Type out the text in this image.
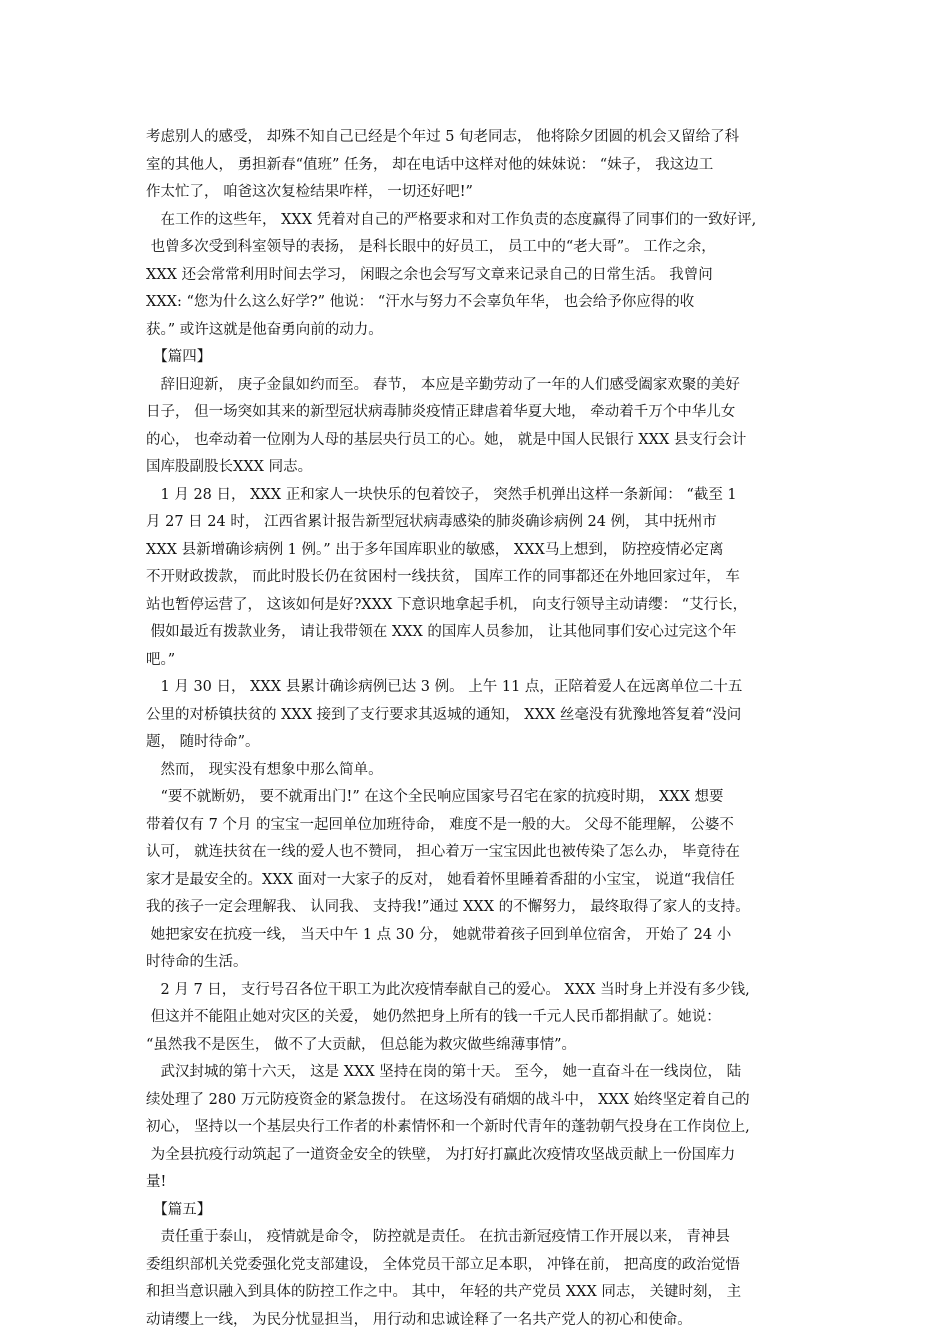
考虑别人的感受， 却殊不知自己已经是个年过 5 旬老同志， 他将除夕团圆的机会又留给了科
室的其他人， 勇担新春“值班” 任务， 却在电话中这样对他的妹妹说： “妹子， 我这边工
作太忙了， 咱爸这次复检结果咋样， 一切还好吧!”
　在工作的这些年， XXX 凭着对自己的严格要求和对工作负责的态度赢得了同事们的一致好评,
也曾多次受到科室领导的表扬， 是科长眼中的好员工， 员工中的“老大哥”。 工作之余，
XXX 还会常常利用时间去学习， 闲暇之余也会写写文章来记录自己的日常生活。 我曾问
XXX: “您为什么这么好学?” 他说： “汗水与努力不会辜负年华， 也会给予你应得的收
获。” 或许这就是他奋勇向前的动力。
　【篇四】
　辞旧迎新， 庚子金鼠如约而至。 春节， 本应是辛勤劳动了一年的人们感受阖家欢聚的美好
日子， 但一场突如其来的新型冠状病毒肺炎疫情正肆虐着华夏大地， 牵动着千万个中华儿女
的心， 也牵动着一位刚为人母的基层央行员工的心。她， 就是中国人民银行 XXX 县支行会计
国库股副股长XXX 同志。
　1 月 28 日， XXX 正和家人一块快乐的包着饺子， 突然手机弹出这样一条新闻： “截至 1
月 27 日 24 时， 江西省累计报告新型冠状病毒感染的肺炎确诊病例 24 例， 其中抚州市
XXX 县新增确诊病例 1 例。” 出于多年国库职业的敏感， XXX马上想到， 防控疫情必定离
不开财政拨款， 而此时股长仍在贫困村一线扶贫， 国库工作的同事都还在外地回家过年， 车
站也暂停运营了， 这该如何是好?XXX 下意识地拿起手机， 向支行领导主动请缨： “艾行长，
假如最近有拨款业务， 请让我带领在 XXX 的国库人员参加， 让其他同事们安心过完这个年
吧。”
　1 月 30 日， XXX 县累计确诊病例已达 3 例。 上午 11 点，正陪着爱人在远离单位二十五
公里的对桥镇扶贫的 XXX 接到了支行要求其返城的通知， XXX 丝毫没有犹豫地答复着“没问
题， 随时待命”。
　然而， 现实没有想象中那么简单。
　“要不就断奶， 要不就甭出门!” 在这个全民响应国家号召宅在家的抗疫时期， XXX 想要
带着仅有 7 个月 的宝宝一起回单位加班待命， 难度不是一般的大。 父母不能理解， 公婆不
认可， 就连扶贫在一线的爱人也不赞同， 担心着万一宝宝因此也被传染了怎么办， 毕竟待在
家才是最安全的。XXX 面对一大家子的反对， 她看着怀里睡着香甜的小宝宝， 说道“我信任
我的孩子一定会理解我、 认同我、 支持我!”通过 XXX 的不懈努力， 最终取得了家人的支持。
她把家安在抗疫一线， 当天中午 1 点 30 分， 她就带着孩子回到单位宿舍， 开始了 24 小
时待命的生活。
　2 月 7 日， 支行号召各位干职工为此次疫情奉献自己的爱心。 XXX 当时身上并没有多少钱,
但这并不能阻止她对灾区的关爱， 她仍然把身上所有的钱一千元人民币都捐献了。她说：
“虽然我不是医生， 做不了大贡献， 但总能为救灾做些绵薄事情”。
　武汉封城的第十六天， 这是 XXX 坚持在岗的第十天。 至今， 她一直奋斗在一线岗位， 陆
续处理了 280 万元防疫资金的紧急拨付。 在这场没有硝烟的战斗中， XXX 始终坚定着自己的
初心， 坚持以一个基层央行工作者的朴素情怀和一个新时代青年的蓬勃朝气投身在工作岗位上,
为全县抗疫行动筑起了一道资金安全的铁壁， 为打好打赢此次疫情攻坚战贡献上一份国库力
量!
　【篇五】
　责任重于泰山， 疫情就是命令， 防控就是责任。 在抗击新冠疫情工作开展以来， 青神县
委组织部机关党委强化党支部建设， 全体党员干部立足本职， 冲锋在前， 把高度的政治觉悟
和担当意识融入到具体的防控工作之中。 其中， 年轻的共产党员 XXX 同志， 关键时刻， 主
动请缨上一线， 为民分忧显担当， 用行动和忠诚诠释了一名共产党人的初心和使命。
